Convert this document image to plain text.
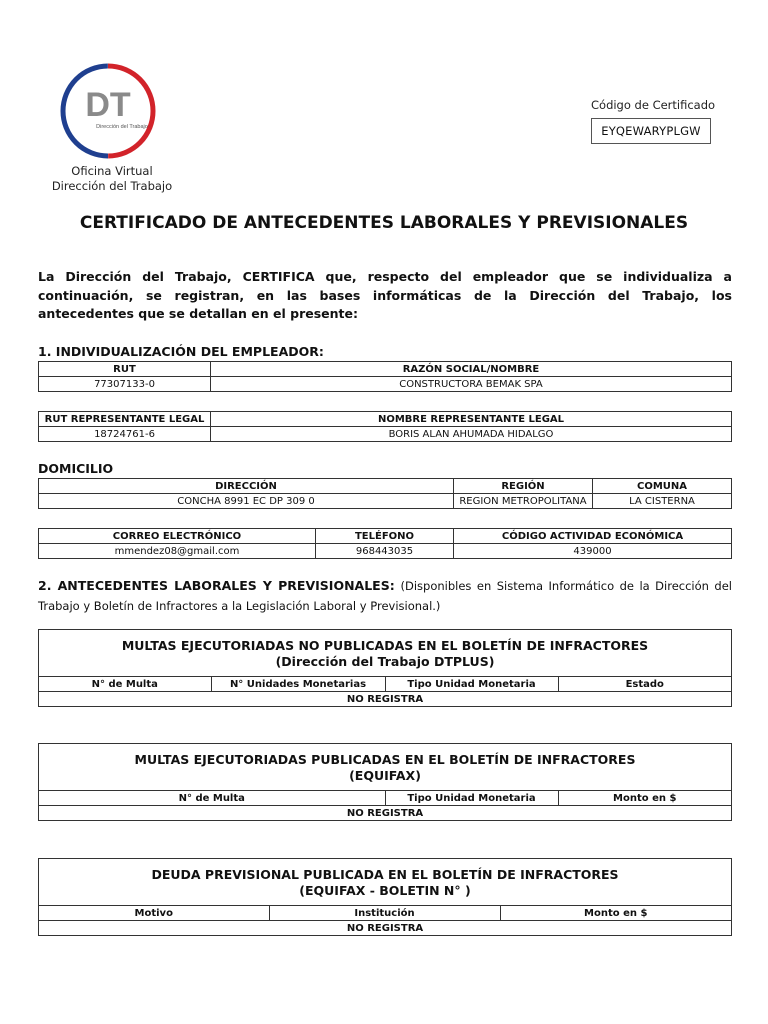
DT
Dirección del Trabajo
Oficina Virtual
Dirección del Trabajo
Código de Certificado
EYQEWARYPLGW
CERTIFICADO DE ANTECEDENTES LABORALES Y PREVISIONALES
La Dirección del Trabajo, CERTIFICA que, respecto del empleador que se individualiza a continuación, se registran, en las bases informáticas de la Dirección del Trabajo, los antecedentes que se detallan en el presente:
1. INDIVIDUALIZACIÓN DEL EMPLEADOR:
RUT	RAZÓN SOCIAL/NOMBRE
77307133-0	CONSTRUCTORA BEMAK SPA
RUT REPRESENTANTE LEGAL	NOMBRE REPRESENTANTE LEGAL
18724761-6	BORIS ALAN AHUMADA HIDALGO
DOMICILIO
DIRECCIÓN	REGIÓN	COMUNA
CONCHA 8991 EC DP 309 0	REGION METROPOLITANA	LA CISTERNA
CORREO ELECTRÓNICO	TELÉFONO	CÓDIGO ACTIVIDAD ECONÓMICA
mmendez08@gmail.com	968443035	439000
2. ANTECEDENTES LABORALES Y PREVISIONALES: (Disponibles en Sistema Informático de la Dirección del Trabajo y Boletín de Infractores a la Legislación Laboral y Previsional.)
MULTAS EJECUTORIADAS NO PUBLICADAS EN EL BOLETÍN DE INFRACTORES
(Dirección del Trabajo DTPLUS)
N° de Multa	N° Unidades Monetarias	Tipo Unidad Monetaria	Estado
NO REGISTRA
MULTAS EJECUTORIADAS PUBLICADAS EN EL BOLETÍN DE INFRACTORES
(EQUIFAX)
N° de Multa	Tipo Unidad Monetaria	Monto en $
NO REGISTRA
DEUDA PREVISIONAL PUBLICADA EN EL BOLETÍN DE INFRACTORES
(EQUIFAX - BOLETIN N° )
Motivo	Institución	Monto en $
NO REGISTRA
